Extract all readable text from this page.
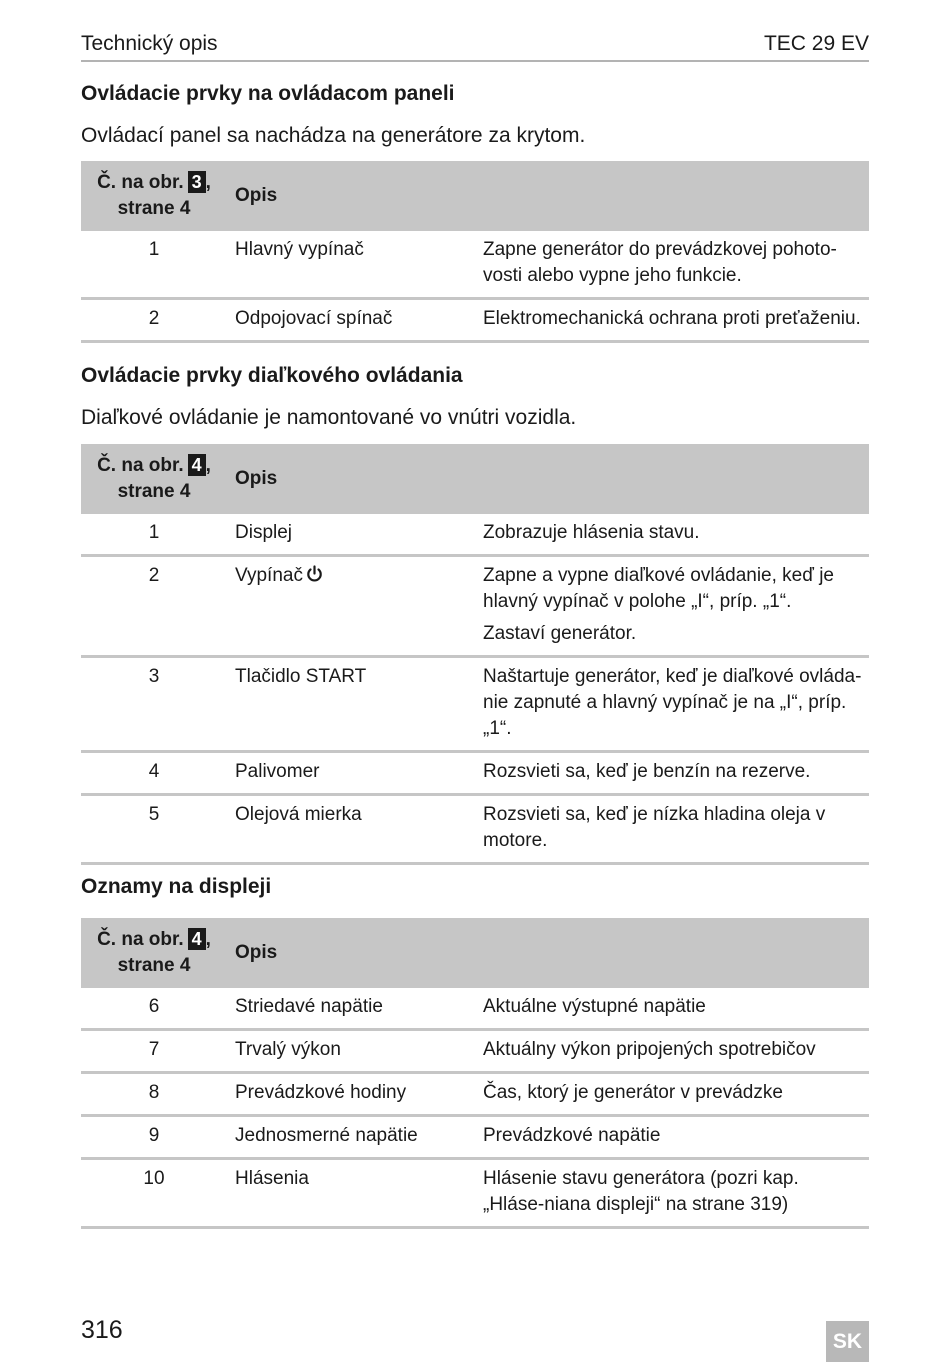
Technický opis	TEC 29 EV
Ovládacie prvky na ovládacom paneli
Ovládací panel sa nachádza na generátore za krytom.
Č. na obr. 3 ,
strane 4	Opis	
1	Hlavný vypínač	Zapne generátor do prevádzkovej pohoto-vosti alebo vypne jeho funkcie.
2	Odpojovací spínač	Elektromechanická ochrana proti preťaženiu.
Ovládacie prvky diaľkového ovládania
Diaľkové ovládanie je namontované vo vnútri vozidla.
Č. na obr. 4 ,
strane 4	Opis	
1	Displej	Zobrazuje hlásenia stavu.
2	Vypínač	Zapne a vypne diaľkové ovládanie, keď je hlavný vypínač v polohe „I“, príp. „1“.

Zastaví generátor.

3	Tlačidlo START	Naštartuje generátor, keď je diaľkové ovláda-nie zapnuté a hlavný vypínač je na „I“, príp. „1“.
4	Palivomer	Rozsvieti sa, keď je benzín na rezerve.
5	Olejová mierka	Rozsvieti sa, keď je nízka hladina oleja v motore.
Oznamy na displeji
Č. na obr. 4 ,
strane 4	Opis	
6	Striedavé napätie	Aktuálne výstupné napätie
7	Trvalý výkon	Aktuálny výkon pripojených spotrebičov
8	Prevádzkové hodiny	Čas, ktorý je generátor v prevádzke
9	Jednosmerné napätie	Prevádzkové napätie
10	Hlásenia	Hlásenie stavu generátora (pozri kap. „Hláse-niana displeji“ na strane 319)
316	SK
